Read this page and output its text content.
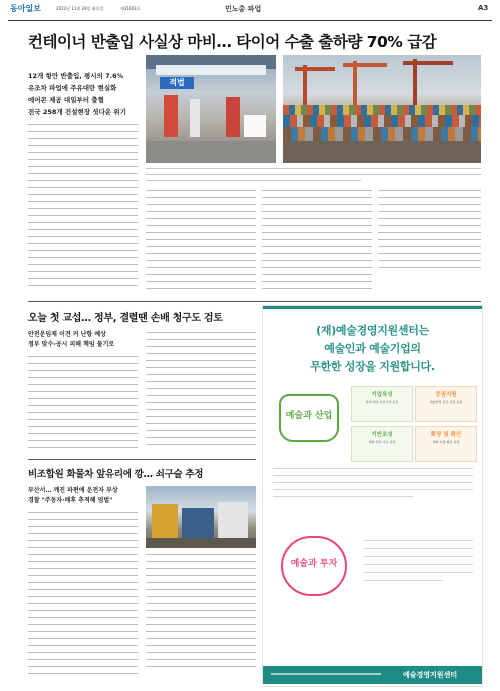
동아일보	2022년 11월 29일 화요일	제31603호	민노총 파업	A3
컨테이너 반출입 사실상 마비… 타이어 수출 출하량 70% 급감
12개 항만 반출입, 평시의 7.6%
유조차 파업에 주유대란 현실화
에어콘 제공 대일부터 출혈
전국 258개 건설현장 셧다운 위기
적법
오늘 첫 교섭… 정부, 결렬땐 손배 청구도 검토
안전운임제 이견 커 난항 예상
정부 맞수-공시 피해 책임 물기로
비조합원 화물차 앞유리에 깡… 쇠구슬 추정
부산서… 깨진 파편에 운전자 부상
경찰 "주동자·배후 추적해 엄벌"
(재)예술경영지원센터는
예술인과 예술기업의
무한한 성장을 지원합니다.
예술과 산업
기업육성
창업·예비 유망기업 육성
증권지원
예술산업 전문 증권 운용
기반조성
협업·상담·교육 지원
확장 및 확산
해외 시장 확장 지원
예술과 투자
예술경영지원센터
